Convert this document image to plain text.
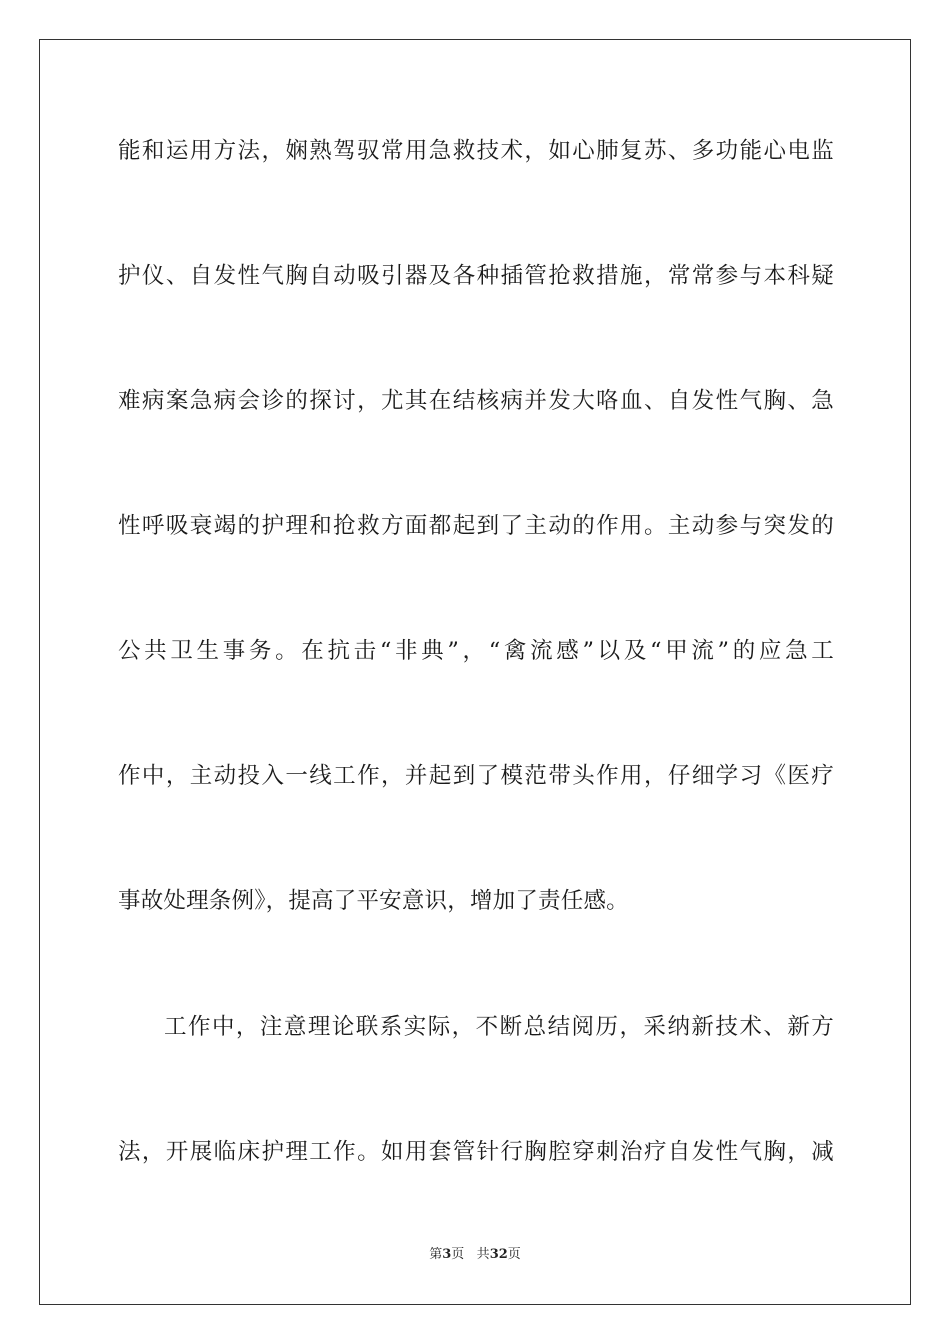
能和运用方法，娴熟驾驭常用急救技术，如心肺复苏、多功能心电监
护仪、自发性气胸自动吸引器及各种插管抢救措施，常常参与本科疑
难病案急病会诊的探讨，尤其在结核病并发大咯血、自发性气胸、急
性呼吸衰竭的护理和抢救方面都起到了主动的作用。主动参与突发的
公共卫生事务。在抗击“非典”，“禽流感”以及“甲流”的应急工
作中，主动投入一线工作，并起到了模范带头作用，仔细学习《医疗
事故处理条例》，提高了平安意识，增加了责任感。
工作中，注意理论联系实际，不断总结阅历，采纳新技术、新方
法，开展临床护理工作。如用套管针行胸腔穿刺治疗自发性气胸，减
第3页 共32页
